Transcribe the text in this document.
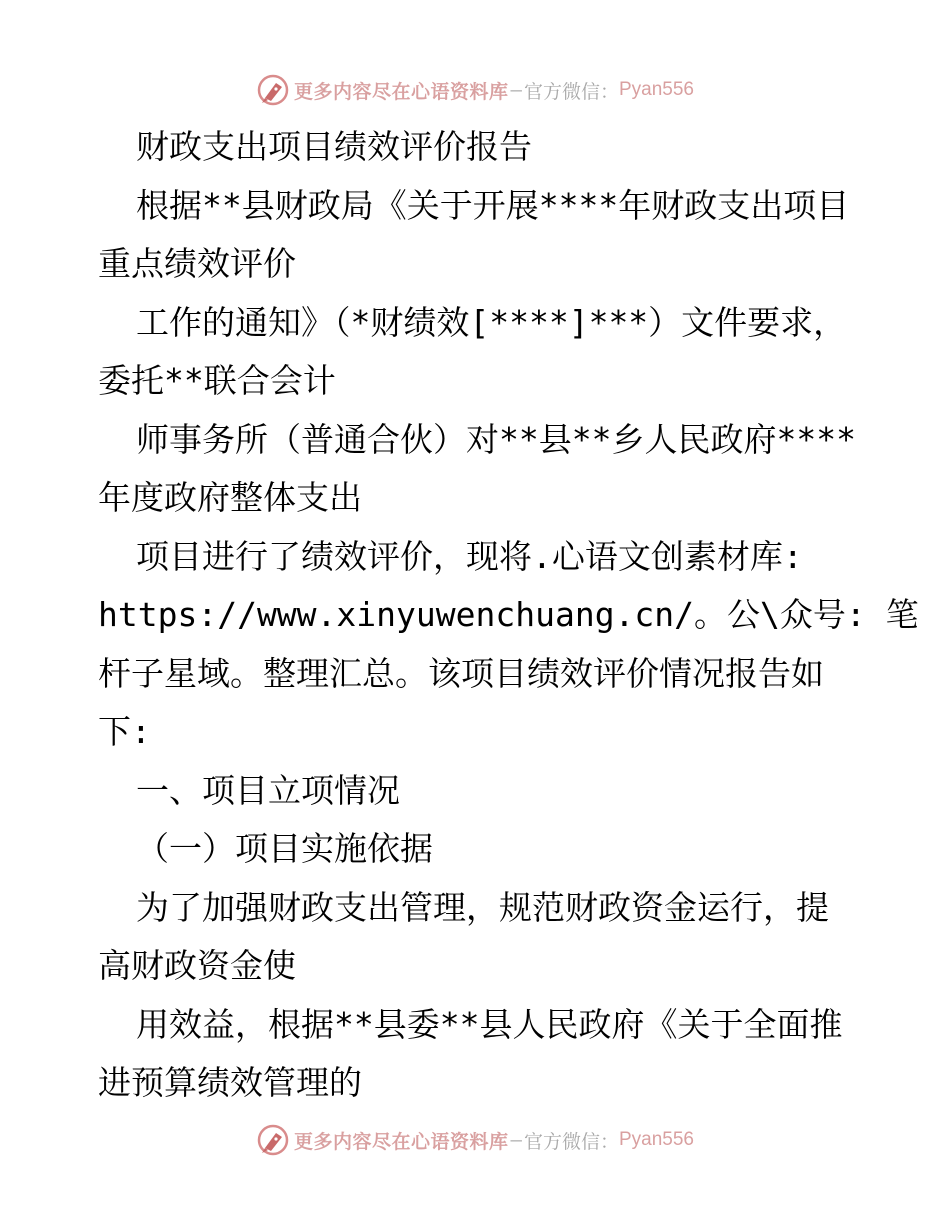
更多内容尽在心语资料库 — 官方微信： Pyan556
财政支出项目绩效评价报告
根据**县财政局《关于开展****年财政支出项目
重点绩效评价
工作的通知》（*财绩效[****]***）文件要求，
委托**联合会计
师事务所（普通合伙）对**县**乡人民政府****
年度政府整体支出
项目进行了绩效评价，现将.心语文创素材库:
https://www.xinyuwenchuang.cn/。公\众号: 笔
杆子星域。整理汇总。该项目绩效评价情况报告如
下:
一、项目立项情况
（一）项目实施依据
为了加强财政支出管理，规范财政资金运行，提
高财政资金使
用效益，根据**县委**县人民政府《关于全面推
进预算绩效管理的
更多内容尽在心语资料库 — 官方微信： Pyan556
